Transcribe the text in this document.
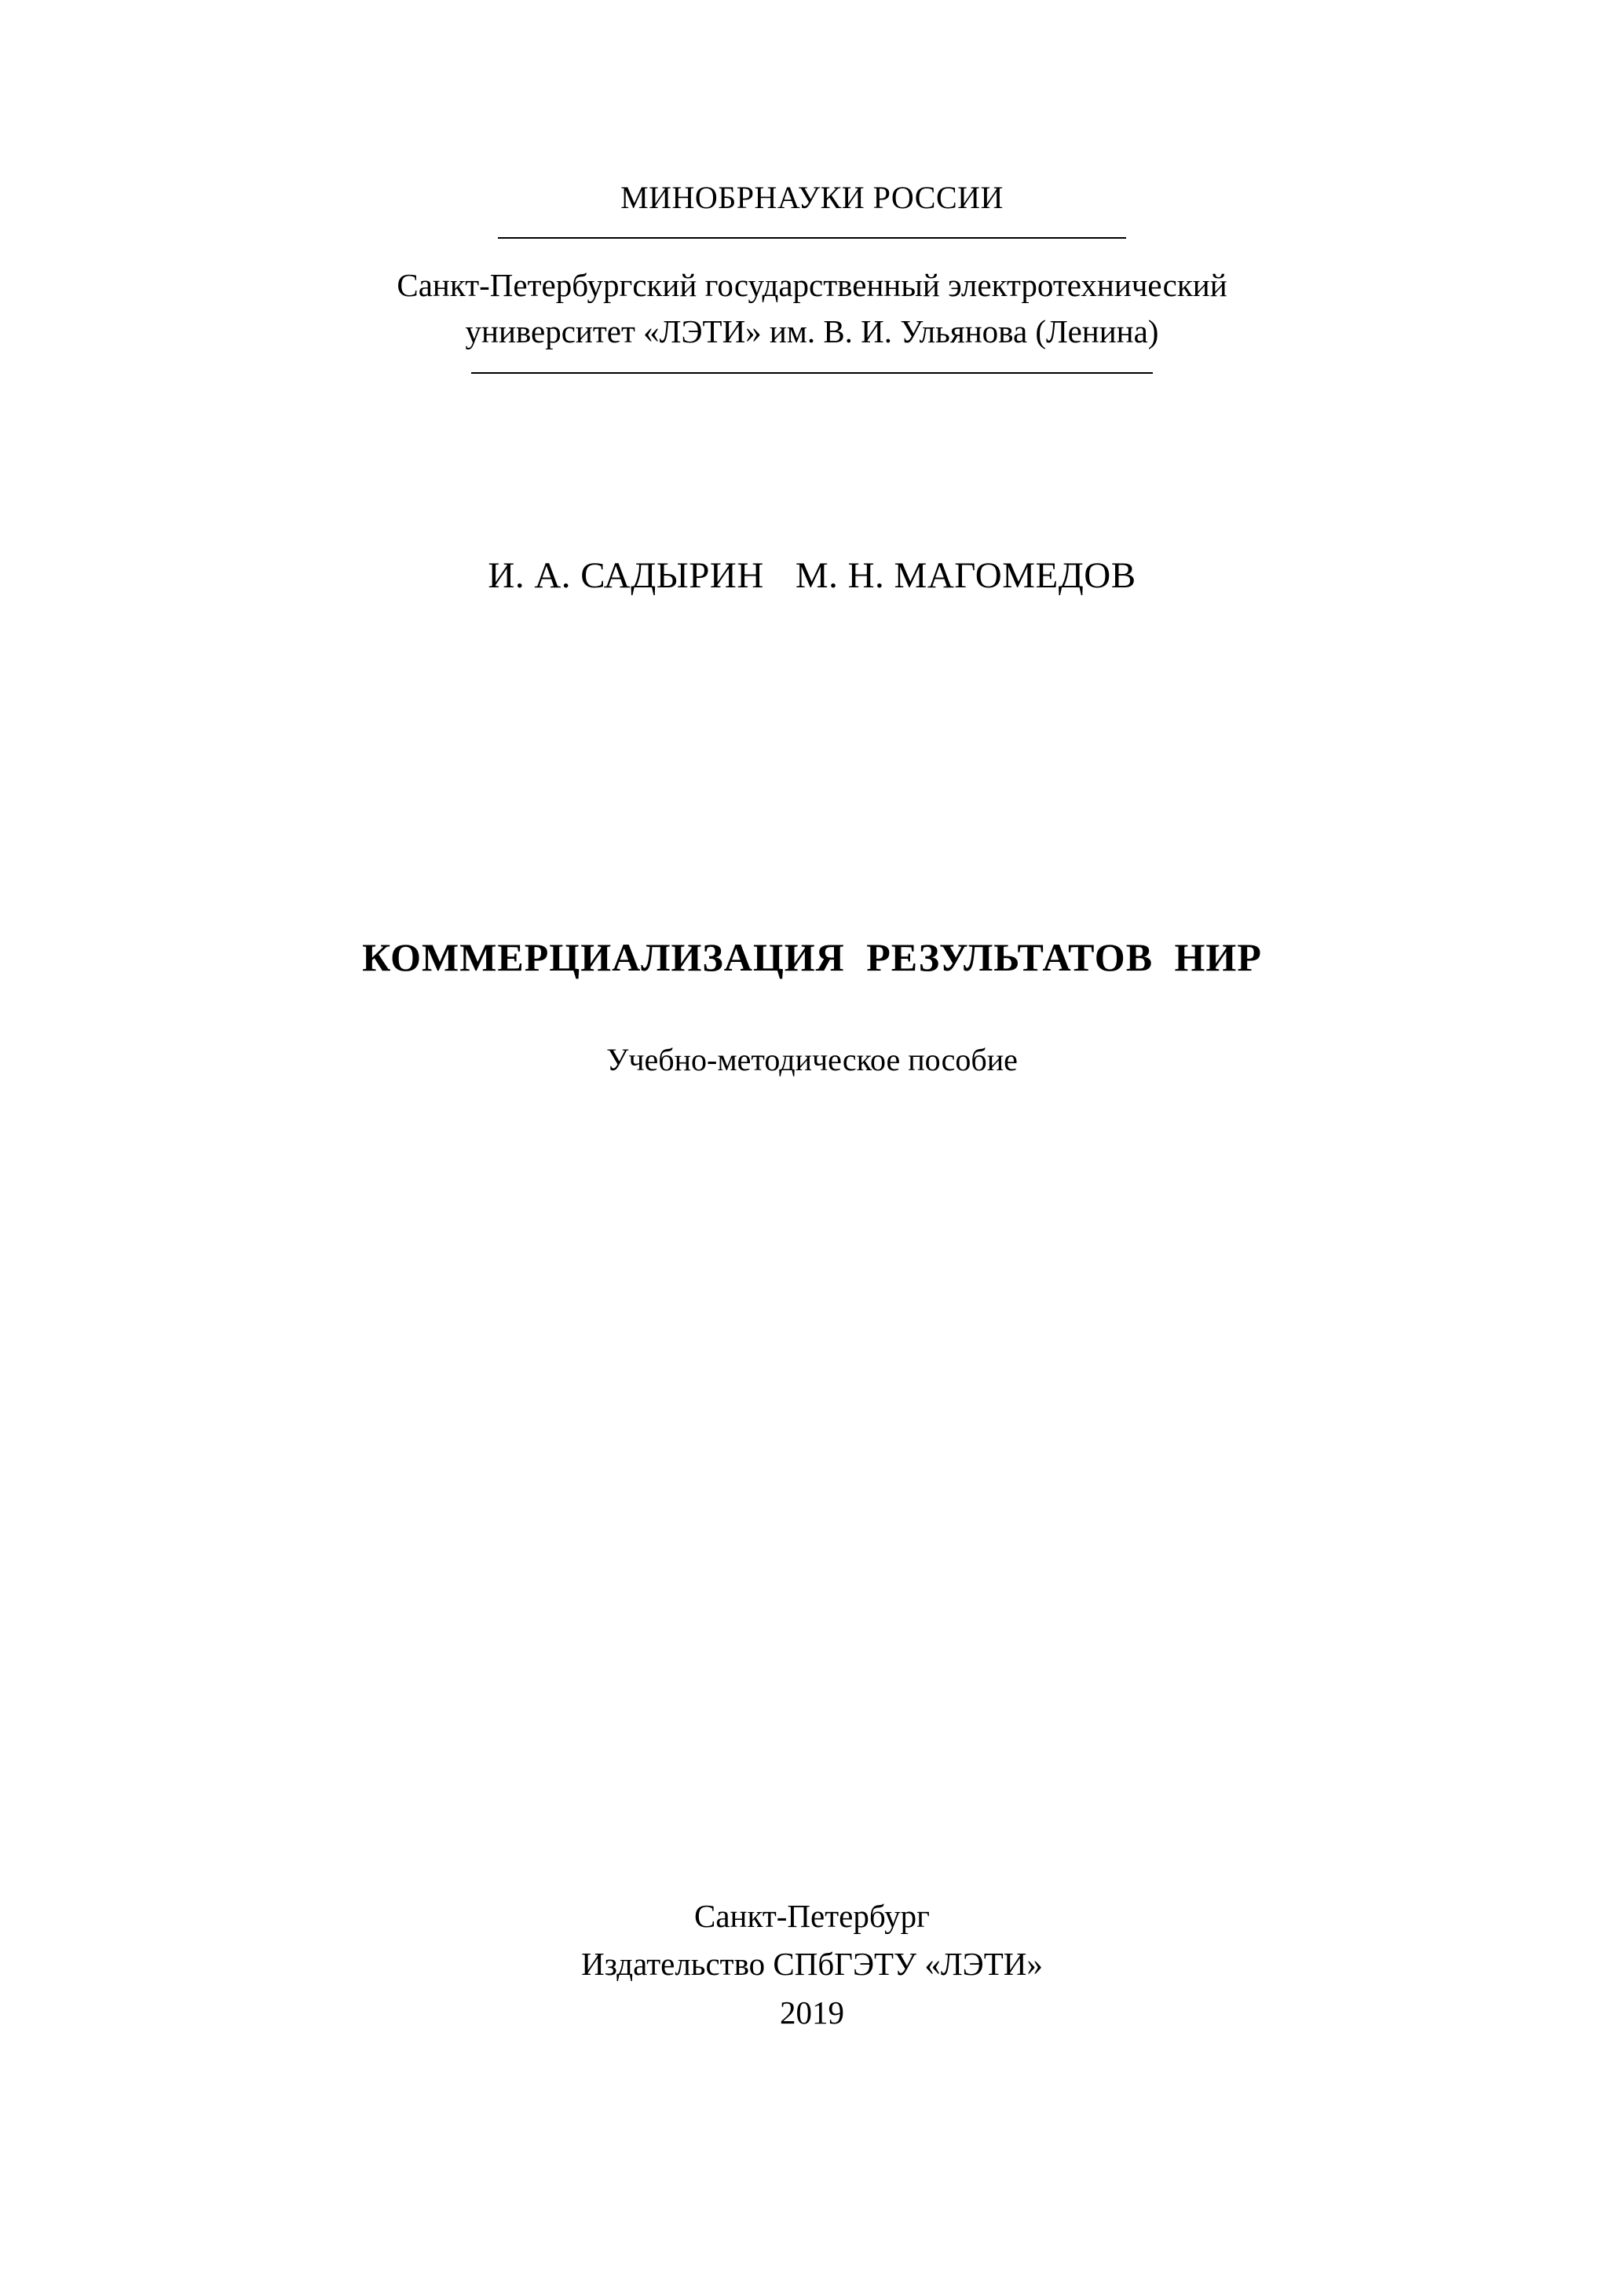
МИНОБРНАУКИ РОССИИ
Санкт-Петербургский государственный электротехнический
университет «ЛЭТИ» им. В. И. Ульянова (Ленина)
И. А. САДЫРИН М. Н. МАГОМЕДОВ
КОММЕРЦИАЛИЗАЦИЯ РЕЗУЛЬТАТОВ НИР
Учебно-методическое пособие
Санкт-Петербург
Издательство СПбГЭТУ «ЛЭТИ»
2019
